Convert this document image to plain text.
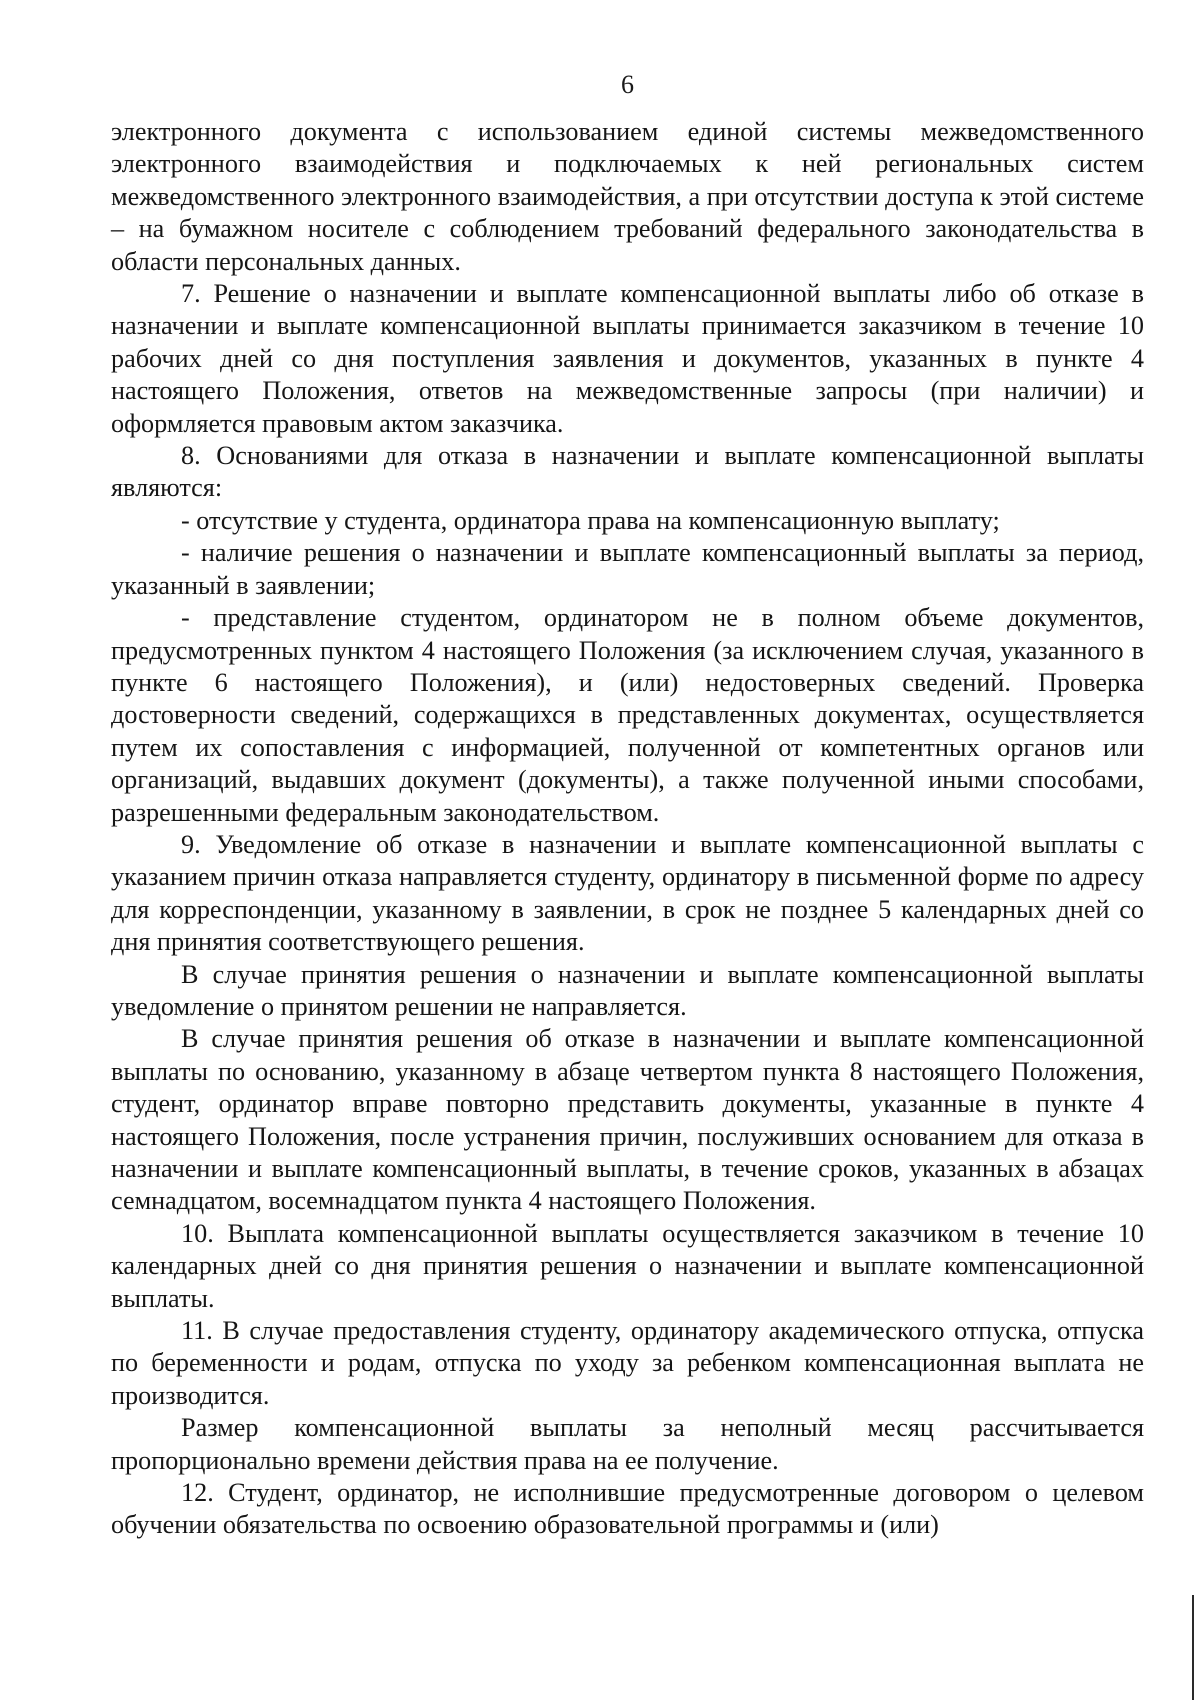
6

электронного документа с использованием единой системы межведомственного электронного взаимодействия и подключаемых к ней региональных систем межведомственного электронного взаимодействия, а при отсутствии доступа к этой системе – на бумажном носителе с соблюдением требований федерального законодательства в области персональных данных.

7. Решение о назначении и выплате компенсационной выплаты либо об отказе в назначении и выплате компенсационной выплаты принимается заказчиком в течение 10 рабочих дней со дня поступления заявления и документов, указанных в пункте 4 настоящего Положения, ответов на межведомственные запросы (при наличии) и оформляется правовым актом заказчика.

8. Основаниями для отказа в назначении и выплате компенсационной выплаты являются:

- отсутствие у студента, ординатора права на компенсационную выплату;

- наличие решения о назначении и выплате компенсационный выплаты за период, указанный в заявлении;

- представление студентом, ординатором не в полном объеме документов, предусмотренных пунктом 4 настоящего Положения (за исключением случая, указанного в пункте 6 настоящего Положения), и (или) недостоверных сведений. Проверка достоверности сведений, содержащихся в представленных документах, осуществляется путем их сопоставления с информацией, полученной от компетентных органов или организаций, выдавших документ (документы), а также полученной иными способами, разрешенными федеральным законодательством.

9. Уведомление об отказе в назначении и выплате компенсационной выплаты с указанием причин отказа направляется студенту, ординатору в письменной форме по адресу для корреспонденции, указанному в заявлении, в срок не позднее 5 календарных дней со дня принятия соответствующего решения.

В случае принятия решения о назначении и выплате компенсационной выплаты уведомление о принятом решении не направляется.

В случае принятия решения об отказе в назначении и выплате компенсационной выплаты по основанию, указанному в абзаце четвертом пункта 8 настоящего Положения, студент, ординатор вправе повторно представить документы, указанные в пункте 4 настоящего Положения, после устранения причин, послуживших основанием для отказа в назначении и выплате компенсационный выплаты, в течение сроков, указанных в абзацах семнадцатом, восемнадцатом пункта 4 настоящего Положения.

10. Выплата компенсационной выплаты осуществляется заказчиком в течение 10 календарных дней со дня принятия решения о назначении и выплате компенсационной выплаты.

11. В случае предоставления студенту, ординатору академического отпуска, отпуска по беременности и родам, отпуска по уходу за ребенком компенсационная выплата не производится.

Размер компенсационной выплаты за неполный месяц рассчитывается пропорционально времени действия права на ее получение.

12. Студент, ординатор, не исполнившие предусмотренные договором о целевом обучении обязательства по освоению образовательной программы и (или)
